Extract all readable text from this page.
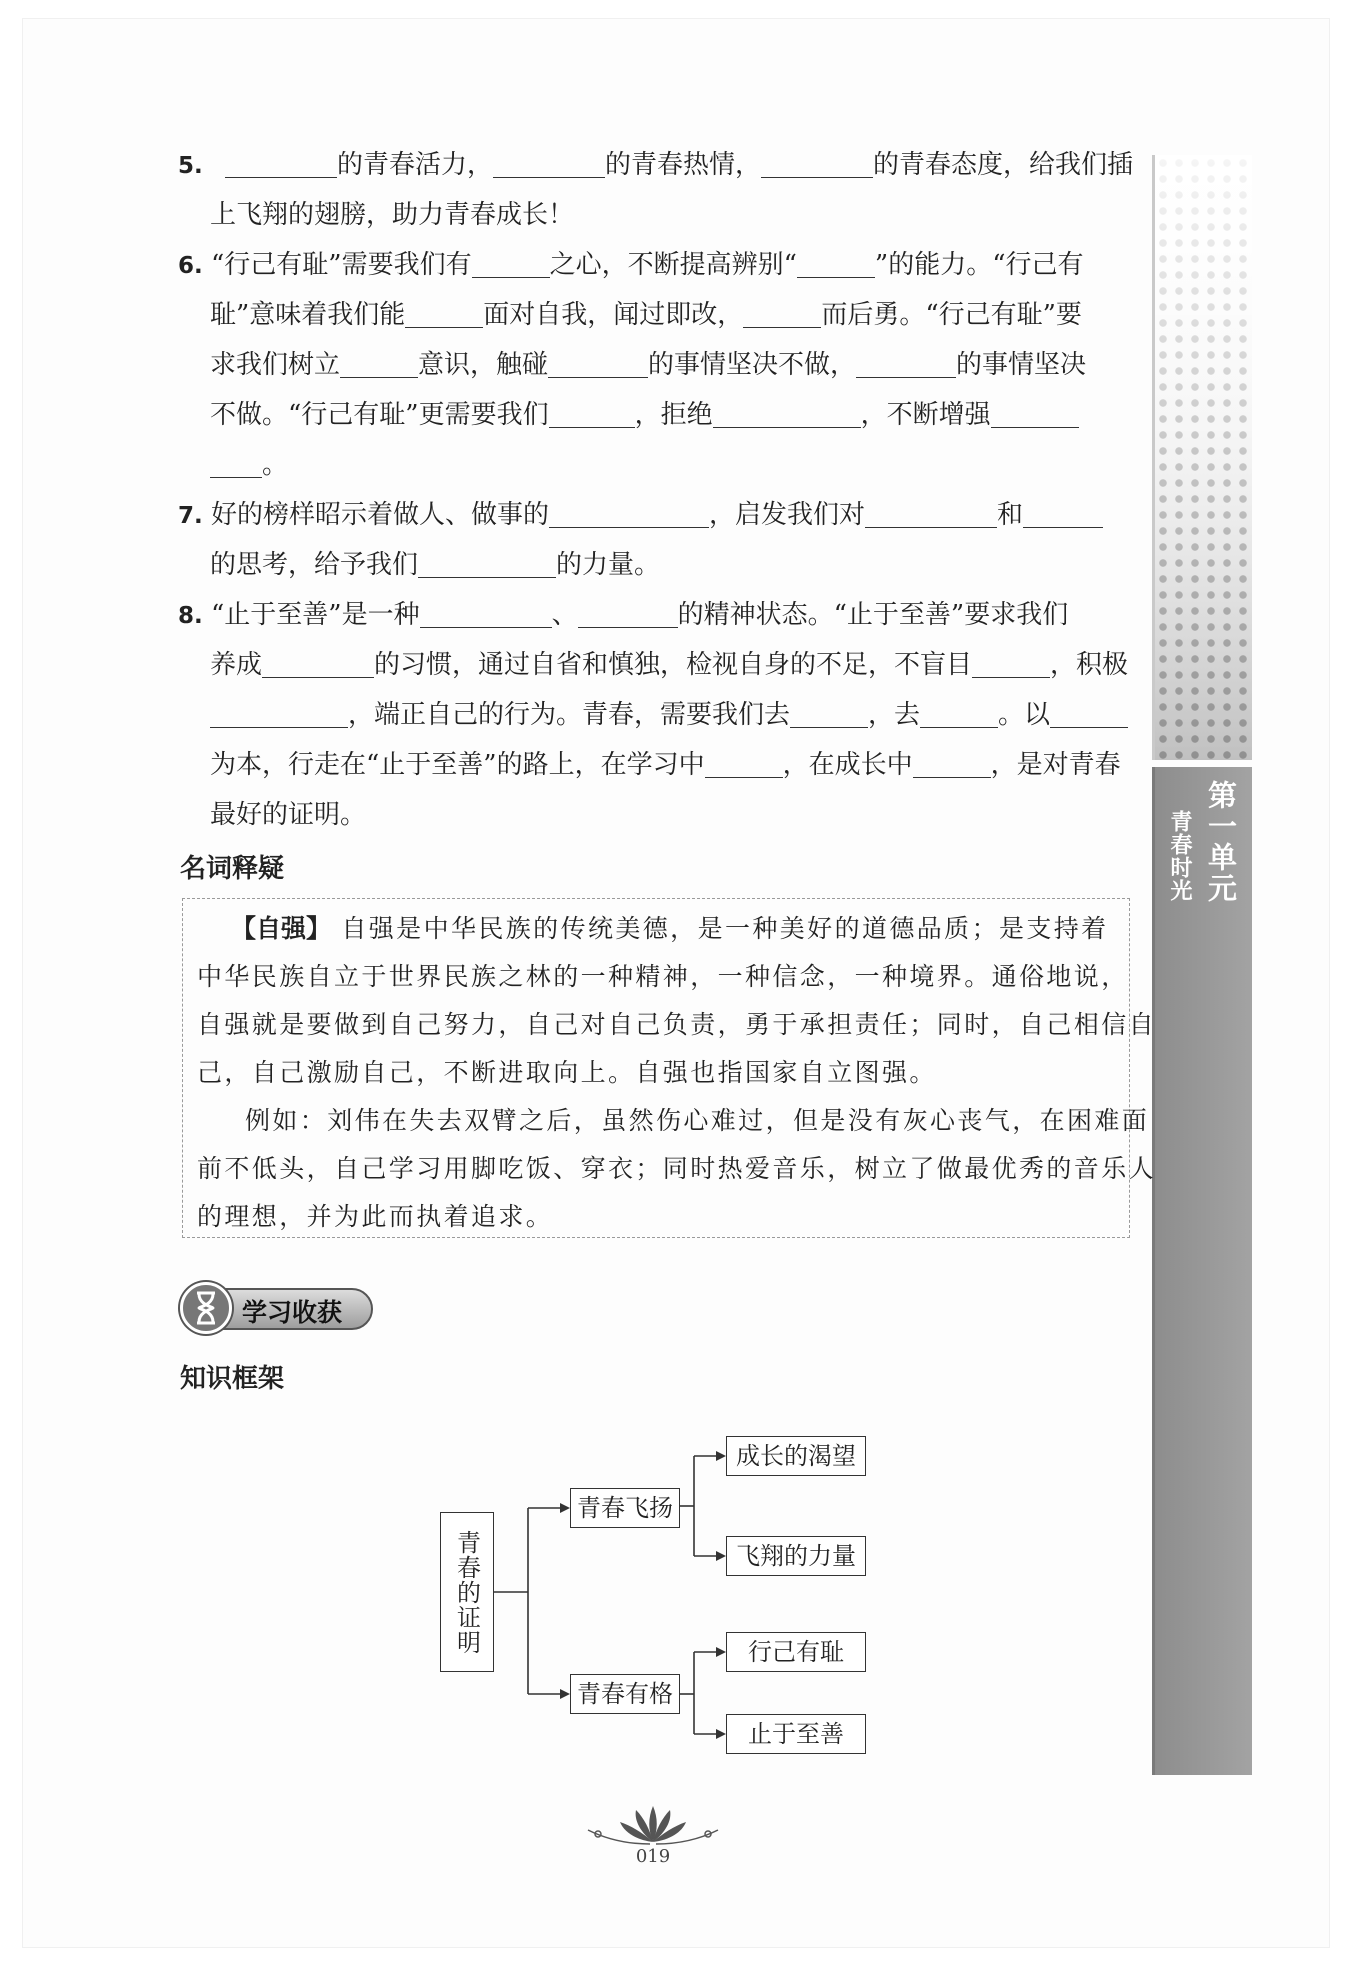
第一单元
青春时光
5.	的青春活力，	的青春热情，	的青春态度，给我们插
上飞翔的翅膀，助力青春成长！
6. “行己有耻”需要我们有	之心，不断提高辨别“	”的能力。“行己有
耻”意味着我们能	面对自我，闻过即改，	而后勇。“行己有耻”要
求我们树立	意识，触碰	的事情坚决不做，	的事情坚决
不做。“行己有耻”更需要我们	，拒绝	，不断增强
。
7. 好的榜样昭示着做人、做事的	，启发我们对	和
的思考，给予我们	的力量。
8. “止于至善”是一种	、	的精神状态。“止于至善”要求我们
养成	的习惯，通过自省和慎独，检视自身的不足，不盲目	，积极
，端正自己的行为。青春，需要我们去	，去	。以
为本，行走在“止于至善”的路上，在学习中	，在成长中	，是对青春
最好的证明。
名词释疑
【自强】 自强是中华民族的传统美德，是一种美好的道德品质；是支持着
中华民族自立于世界民族之林的一种精神，一种信念，一种境界。通俗地说，
自强就是要做到自己努力，自己对自己负责，勇于承担责任；同时，自己相信自
己，自己激励自己，不断进取向上。自强也指国家自立图强。
例如：刘伟在失去双臂之后，虽然伤心难过，但是没有灰心丧气，在困难面
前不低头，自己学习用脚吃饭、穿衣；同时热爱音乐，树立了做最优秀的音乐人
的理想，并为此而执着追求。
学习收获
知识框架
青春的证明
青春飞扬
青春有格
成长的渴望
飞翔的力量
行己有耻
止于至善
019
